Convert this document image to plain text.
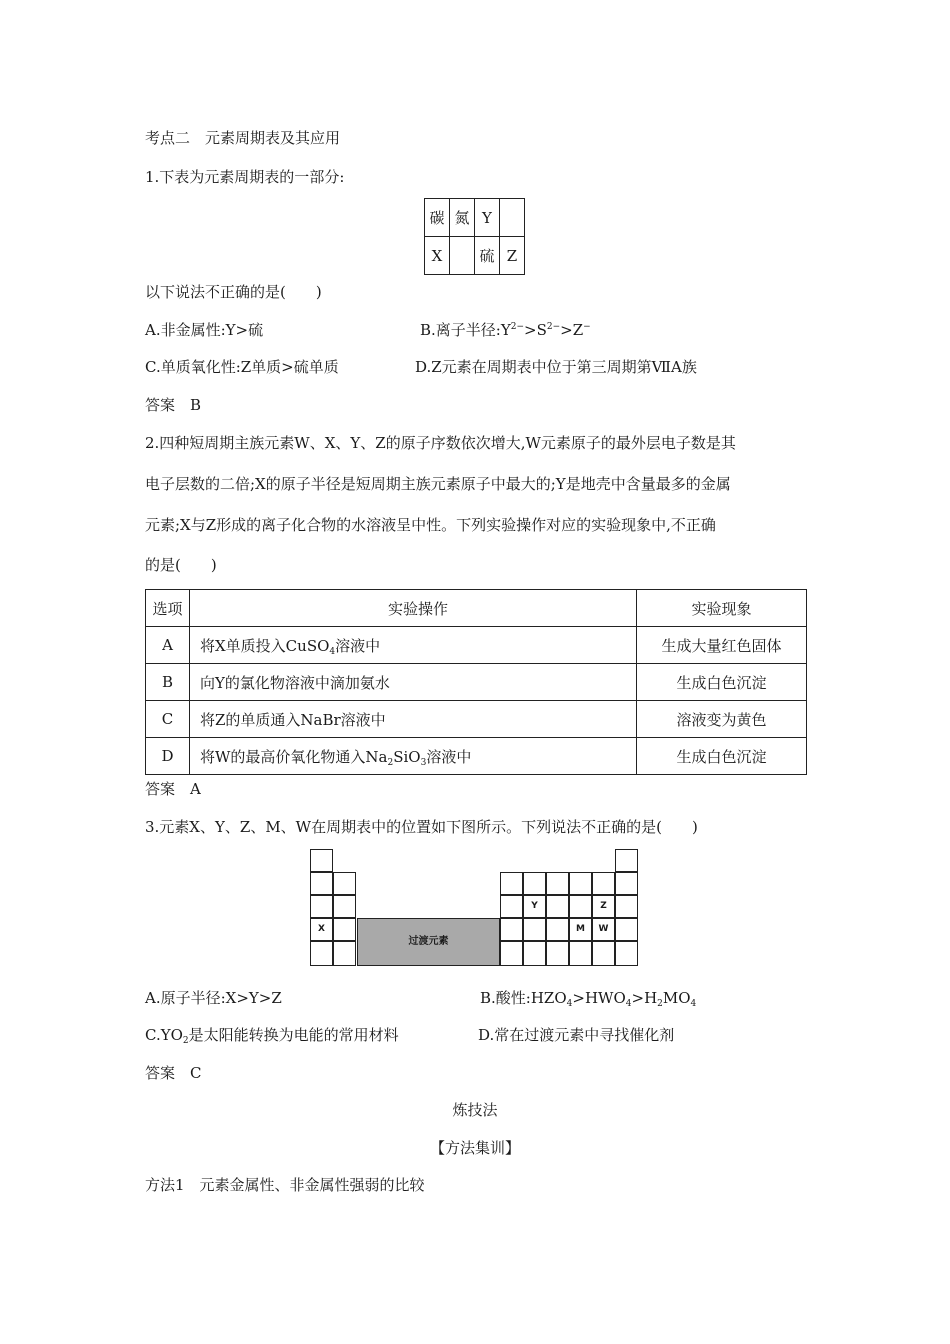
考点二　元素周期表及其应用
1.下表为元素周期表的一部分:
碳	氮	Y	
X		硫	Z
以下说法不正确的是(　　)
A.非金属性:Y>硫	B.离子半径$:Y^{2-}>S^{2-}>Z^-$
C.单质氧化性:Z单质>硫单质	D.Z元素在周期表中位于第三周期第ⅦA族
答案　B
2.四种短周期主族元素W、X、Y、Z的原子序数依次增大,W元素原子的最外层电子数是其
电子层数的二倍;X的原子半径是短周期主族元素原子中最大的;Y是地壳中含量最多的金属
元素;X与Z形成的离子化合物的水溶液呈中性。下列实验操作对应的实验现象中,不正确
的是(　　)
选项	实验操作	实验现象
A	将X单质投入CuSO$_4$溶液中	生成大量红色固体
B	向Y的氯化物溶液中滴加氨水	生成白色沉淀
C	将Z的单质通入NaBr溶液中	溶液变为黄色
D	将W的最高价氧化物通入$Na_2SiO_3$溶液中	生成白色沉淀
答案　A
3.元素X、Y、Z、M、W在周期表中的位置如下图所示。下列说法不正确的是(　　)
X
过渡元素
Y
M
Z
W
A.原子半径:X>Y>Z	B.酸性$:HZO_4>HWO_4>H_2MO_4$
$C.YO_2$是太阳能转换为电能的常用材料	D.常在过渡元素中寻找催化剂
答案　C
炼技法
【方法集训】
方法1　元素金属性、非金属性强弱的比较
